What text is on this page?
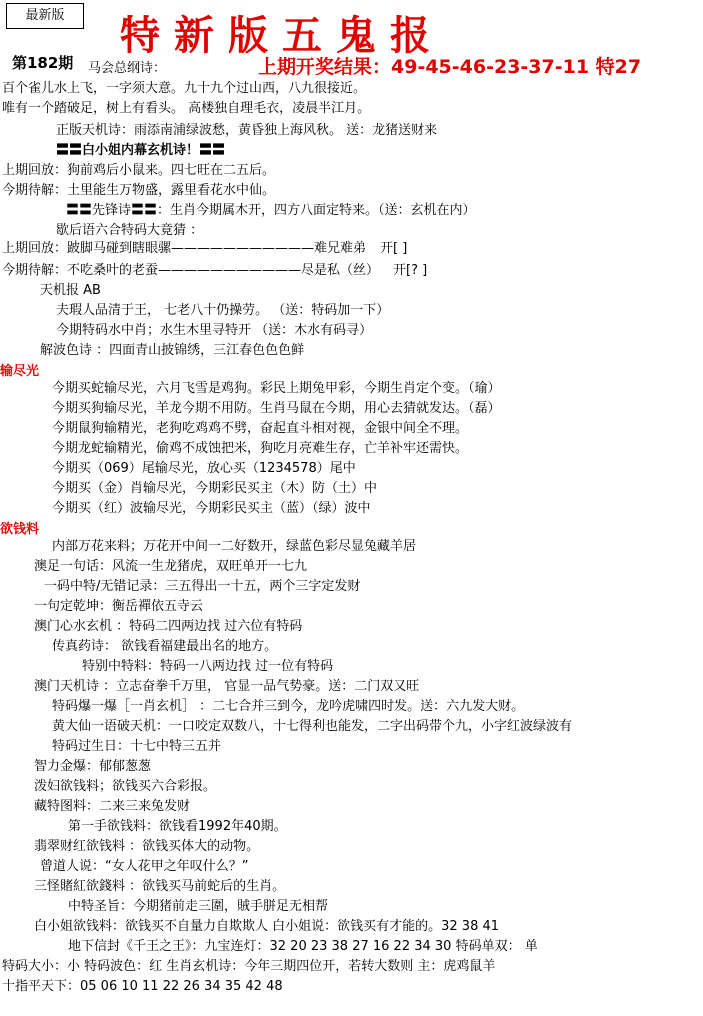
最新版	特新版五鬼报
第182期	上期开奖结果：49-45-46-23-37-11 特27
马会总纲诗：
百个雀儿水上飞，一字须大意。九十九个过山西，八九很接近。
唯有一个踏破足，树上有看头。 高楼独自理毛衣，凌晨半江月。
正版天机诗：雨添南浦绿波愁，黄昏独上海风秋。 送：龙猪送财来
〓〓白小姐内幕玄机诗！〓〓
上期回放：狗前鸡后小鼠来。四七旺在二五后。
今期待解：土里能生万物盛，露里看花水中仙。
〓〓先锋诗〓〓：生肖今期属木开，四方八面定特来。（送：玄机在内）
歇后语六合特码大竟猜 ：
上期回放：跛脚马碰到瞎眼骡———————————难兄难弟 开[ ]
今期待解：不吃桑叶的老蚕———————————尽是私（丝） 开[? ]
天机报 AB
夫瑕人品清于王， 七老八十仍操劳。 （送：特码加一下）
今期特码水中肖；水生木里寻特开 （送：木水有码寻）
解波色诗 ：四面青山披锦绣，三江春色色色鲜
输尽光
今期买蛇输尽光，六月飞雪是鸡狗。彩民上期兔甲彩，今期生肖定个变。（瑜）
今期买狗输尽光，羊龙今期不用防。生肖马鼠在今期，用心去猜就发达。（磊）
今期鼠狗输精光，老狗吃鸡鸡不劈，奋起直斗相对视，金银中间全不理。
今期龙蛇输精光，偷鸡不成蚀把米，狗吃月亮难生存，亡羊补牢还需快。
今期买（069）尾输尽光，放心买（1234578）尾中
今期买（金）肖输尽光，今期彩民买主（木）防（土）中
今期买（红）波输尽光，今期彩民买主（蓝）（绿）波中
欲钱料
内部万花来料；万花开中间一二好数开，绿蓝色彩尽显兔藏羊居
澳足一句话：风流一生龙猪虎，双旺单开一七九
一码中特/无错记录：三五得出一十五，两个三字定发财
一句定乾坤：衡岳禪依五寺云
澳门心水玄机 ：特码二四两边找 过六位有特码
传真药诗： 欲钱看福建最出名的地方。
特别中特料：特码一八两边找 过一位有特码
澳门天机诗 ：立志奋拳千万里， 官显一品气势豪。送：二门双又旺
特码爆一爆［一肖玄机］ ：二七合并三到今，龙吟虎啸四时发。送：六九发大财。
黄大仙一语破天机：一口咬定双数八，十七得利也能发，二字出码带个九，小字红波绿波有
特码过生日：十七中特三五并
智力金爆：郁郁葱葱
泼妇欲钱料；欲钱买六合彩报。
藏特图料：二来三来兔发财
第一手欲钱料：欲钱看1992年40期。
翡翠财红欲钱料 ：欲钱买体大的动物。
曾道人说：“女人花甲之年叹什么？”
三怪賭紅欲錢料 ：欲钱买马前蛇后的生肖。
中特圣旨：今期猪前走三圍，賊手胼足无相帮
白小姐欲钱料：欲钱买不自量力自欺欺人 白小姐说：欲钱买有才能的。32 38 41
地下信封《千王之王》：九宝连灯：32 20 23 38 27 16 22 34 30 特码单双： 单
特码大小：小 特码波色：红 生肖玄机诗：今年三期四位开，若转大数则 主：虎鸡鼠羊
十指平天下：05 06 10 11 22 26 34 35 42 48
